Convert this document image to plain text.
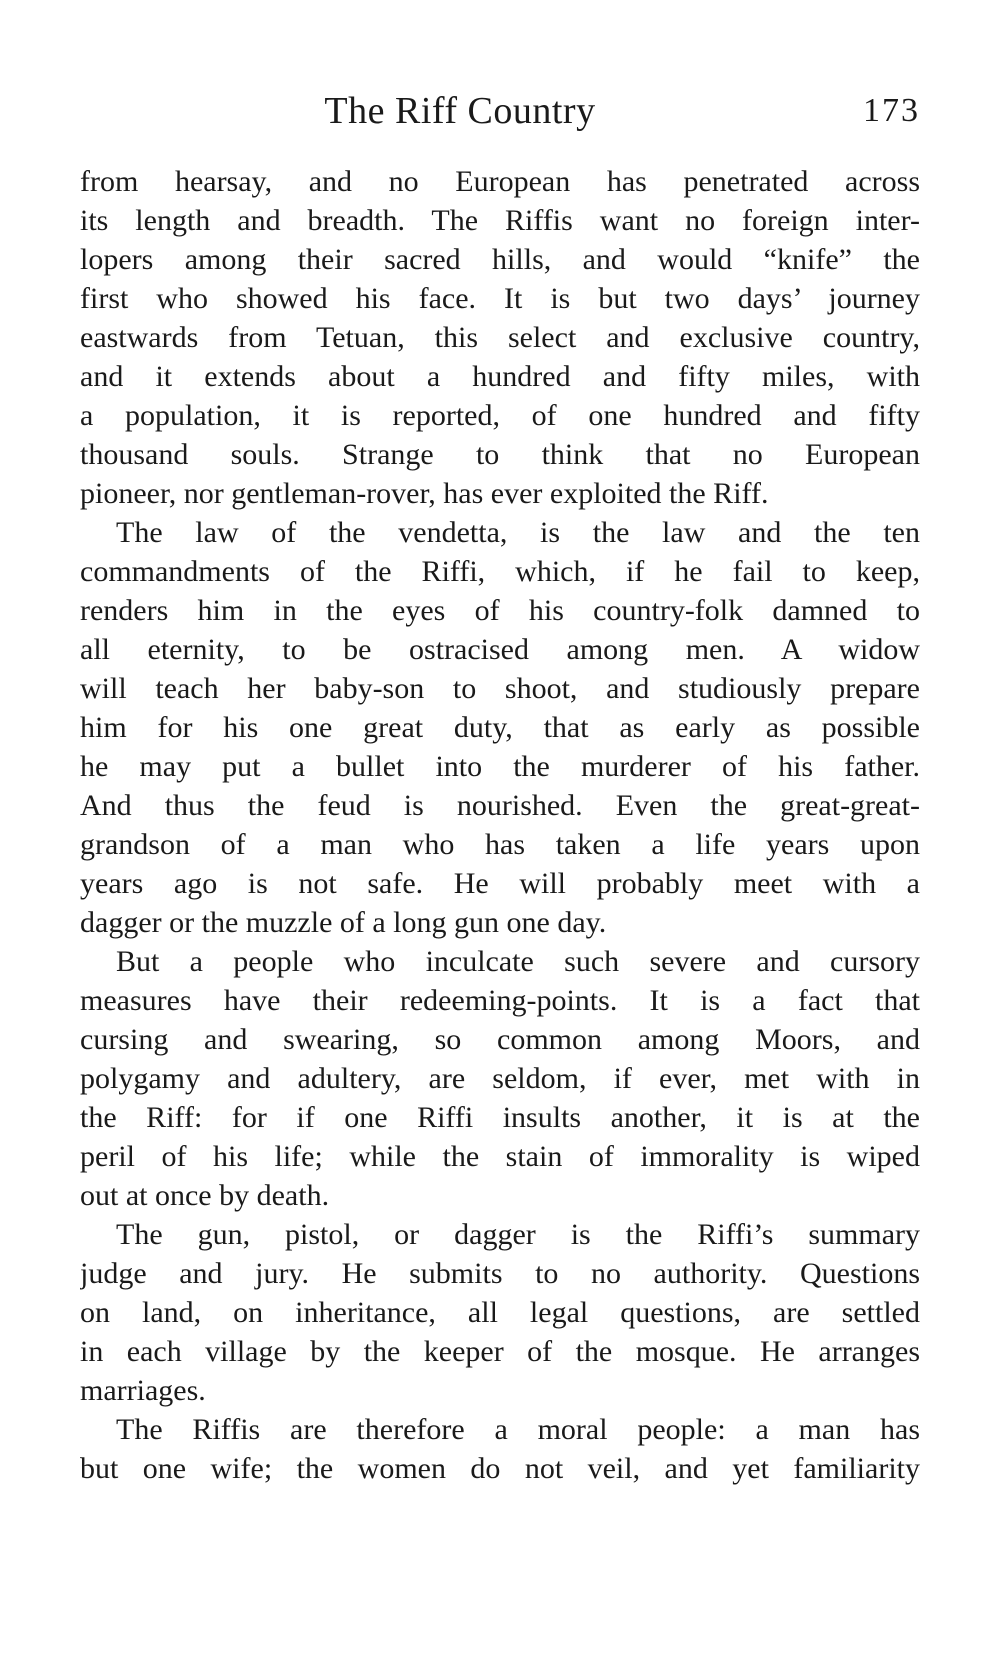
The Riff Country	173
from hearsay, and no European has penetrated across
its length and breadth. The Riffis want no foreign inter-
lopers among their sacred hills, and would “knife” the
first who showed his face. It is but two days’ journey
eastwards from Tetuan, this select and exclusive country,
and it extends about a hundred and fifty miles, with
a population, it is reported, of one hundred and fifty
thousand souls. Strange to think that no European
pioneer, nor gentleman-rover, has ever exploited the Riff.
The law of the vendetta, is the law and the ten
commandments of the Riffi, which, if he fail to keep,
renders him in the eyes of his country-folk damned to
all eternity, to be ostracised among men. A widow
will teach her baby-son to shoot, and studiously prepare
him for his one great duty, that as early as possible
he may put a bullet into the murderer of his father.
And thus the feud is nourished. Even the great-great-
grandson of a man who has taken a life years upon
years ago is not safe. He will probably meet with a
dagger or the muzzle of a long gun one day.
But a people who inculcate such severe and cursory
measures have their redeeming-points. It is a fact that
cursing and swearing, so common among Moors, and
polygamy and adultery, are seldom, if ever, met with in
the Riff: for if one Riffi insults another, it is at the
peril of his life; while the stain of immorality is wiped
out at once by death.
The gun, pistol, or dagger is the Riffi’s summary
judge and jury. He submits to no authority. Questions
on land, on inheritance, all legal questions, are settled
in each village by the keeper of the mosque. He arranges
marriages.
The Riffis are therefore a moral people: a man has
but one wife; the women do not veil, and yet familiarity
